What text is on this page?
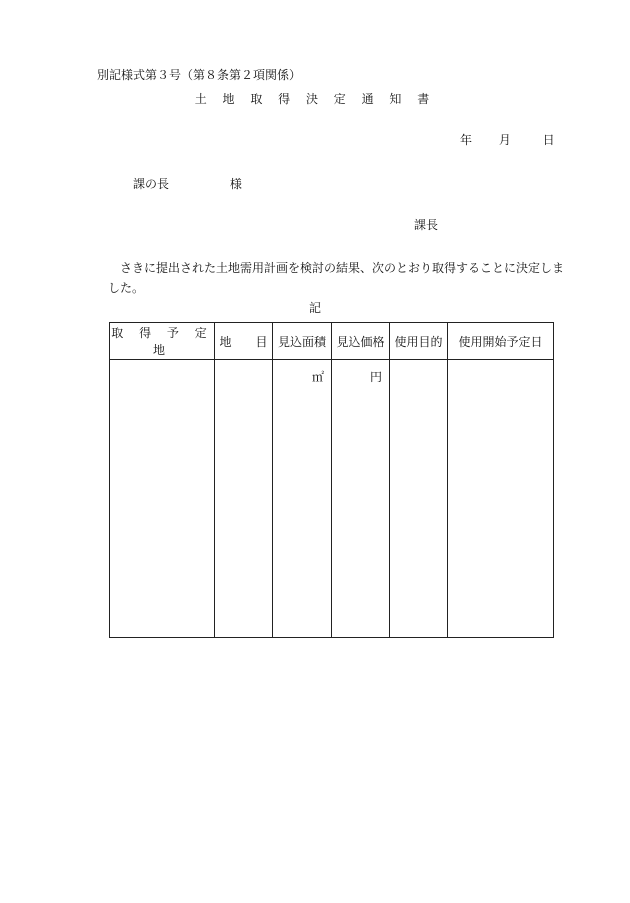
別記様式第３号（第８条第２項関係）
土 地 取 得 決 定 通 知 書
年 月	日
課の長	様
課長
さきに提出された土地需用計画を検討の結果、次のとおり取得することに決定しました。
記
取 得 予 定 地	地　　目	見込面積	見込価格	使用目的	使用開始予定日
		㎡	円		
